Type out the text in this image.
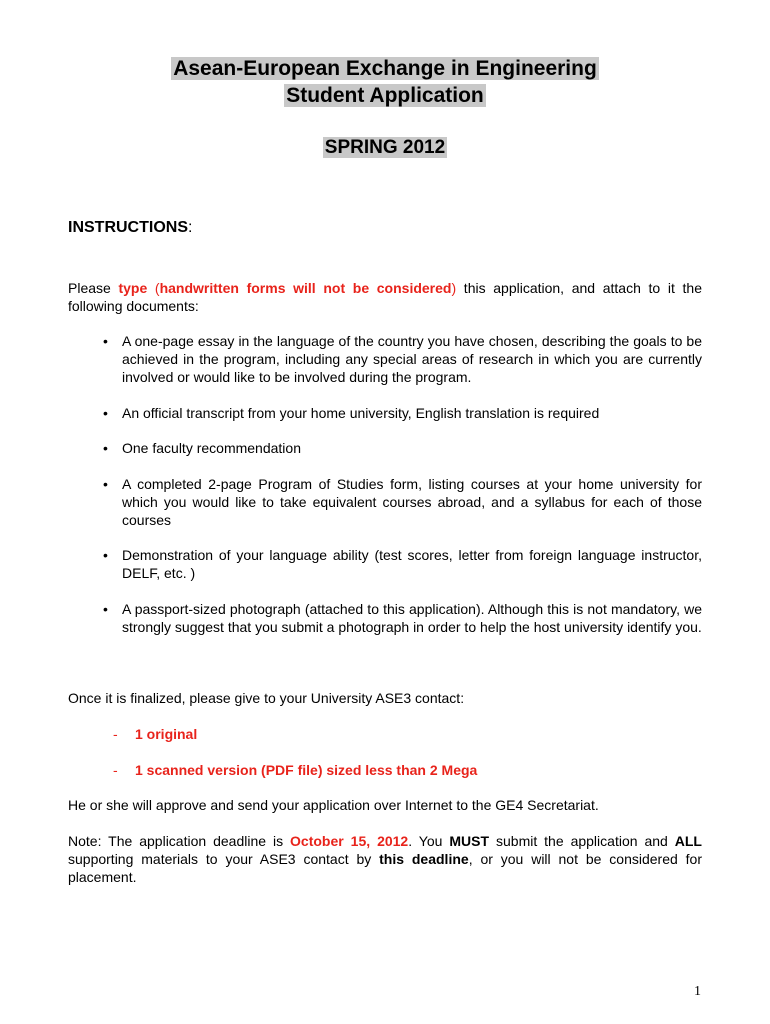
Asean-European Exchange in Engineering
Student Application
SPRING 2012
INSTRUCTIONS:
Please type (handwritten forms will not be considered) this application, and attach to it the following documents:
• A one-page essay in the language of the country you have chosen, describing the goals to be achieved in the program, including any special areas of research in which you are currently involved or would like to be involved during the program.
• An official transcript from your home university, English translation is required
• One faculty recommendation
• A completed 2-page Program of Studies form, listing courses at your home university for which you would like to take equivalent courses abroad, and a syllabus for each of those courses
• Demonstration of your language ability (test scores, letter from foreign language instructor, DELF, etc. )
• A passport-sized photograph (attached to this application). Although this is not mandatory, we strongly suggest that you submit a photograph in order to help the host university identify you.
Once it is finalized, please give to your University ASE3 contact:
- 1 original
- 1 scanned version (PDF file) sized less than 2 Mega
He or she will approve and send your application over Internet to the GE4 Secretariat.
Note: The application deadline is October 15, 2012. You MUST submit the application and ALL supporting materials to your ASE3 contact by this deadline, or you will not be considered for placement.
1
